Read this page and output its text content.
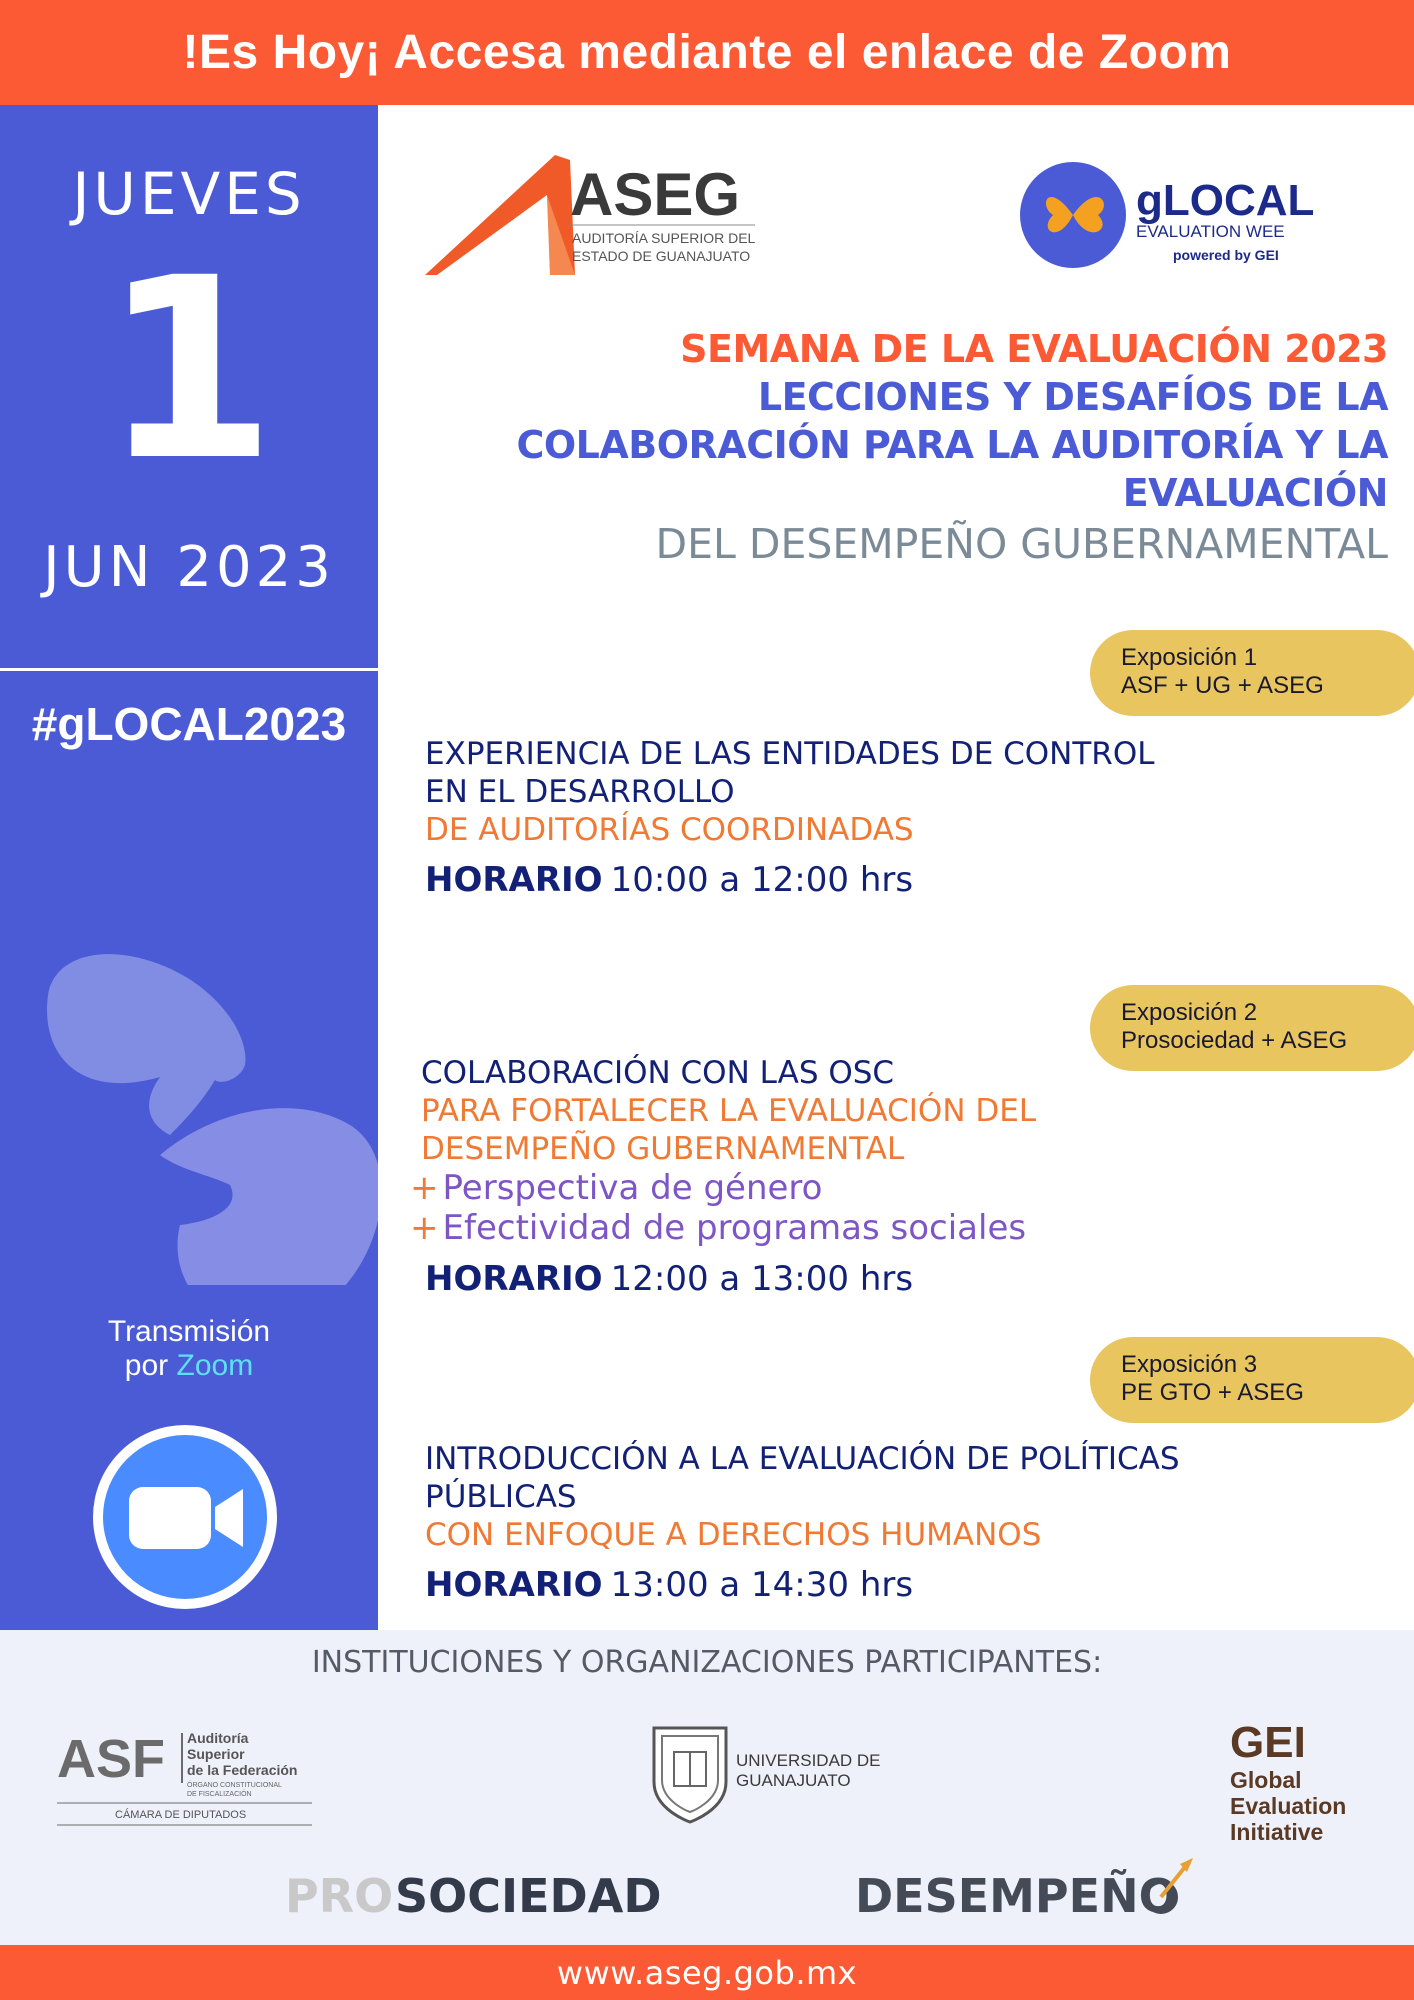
!Es Hoy¡ Accesa mediante el enlace de Zoom
JUEVES
1
JUN 2023
#gLOCAL2023
Transmisión
por Zoom
ASEG
AUDITORÍA SUPERIOR DEL
ESTADO DE GUANAJUATO
gLOCAL
EVALUATION WEE
powered by GEI
SEMANA DE LA EVALUACIÓN 2023
LECCIONES Y DESAFÍOS DE LA
COLABORACIÓN PARA LA AUDITORÍA Y LA
EVALUACIÓN
DEL DESEMPEÑO GUBERNAMENTAL
Exposición 1
ASF + UG + ASEG
EXPERIENCIA DE LAS ENTIDADES DE CONTROL
EN EL DESARROLLO
DE AUDITORÍAS COORDINADAS
HORARIO 10:00 a 12:00 hrs
Exposición 2
Prosociedad + ASEG
COLABORACIÓN CON LAS OSC
PARA FORTALECER LA EVALUACIÓN DEL
DESEMPEÑO GUBERNAMENTAL
+ Perspectiva de género
+ Efectividad de programas sociales
HORARIO 12:00 a 13:00 hrs
Exposición 3
PE GTO + ASEG
INTRODUCCIÓN A LA EVALUACIÓN DE POLÍTICAS
PÚBLICAS
CON ENFOQUE A DERECHOS HUMANOS
HORARIO 13:00 a 14:30 hrs
INSTITUCIONES Y ORGANIZACIONES PARTICIPANTES:
ASF Auditoría
Superior
de la Federación
ÓRGANO CONSTITUCIONAL
DE FISCALIZACIÓN
CÁMARA DE DIPUTADOS
UNIVERSIDAD DE
GUANAJUATO
GEI
Global
Evaluation
Initiative
PRO SOCIEDAD	DESEMPEÑO
www.aseg.gob.mx
